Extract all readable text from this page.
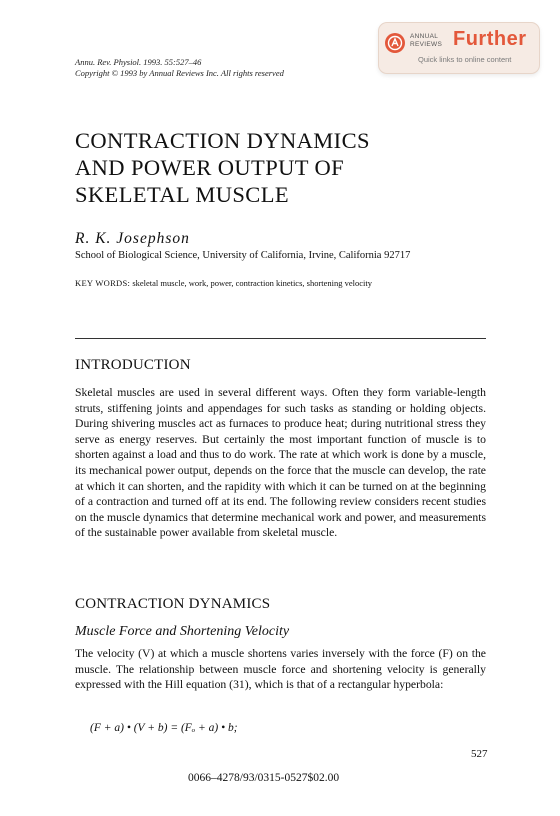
Annu. Rev. Physiol. 1993. 55:527–46
Copyright © 1993 by Annual Reviews Inc. All rights reserved
ANNUAL
REVIEWS Further
Quick links to online content
CONTRACTION DYNAMICS
AND POWER OUTPUT OF
SKELETAL MUSCLE
R. K. Josephson
School of Biological Science, University of California, Irvine, California 92717
KEY WORDS: skeletal muscle, work, power, contraction kinetics, shortening velocity
INTRODUCTION

Skeletal muscles are used in several different ways. Often they form variable-length struts, stiffening joints and appendages for such tasks as standing or holding objects. During shivering muscles act as furnaces to produce heat; during nutritional stress they serve as energy reserves. But certainly the most important function of muscle is to shorten against a load and thus to do work. The rate at which work is done by a muscle, its mechanical power output, depends on the force that the muscle can develop, the rate at which it can shorten, and the rapidity with which it can be turned on at the beginning of a contraction and turned off at its end. The following review considers recent studies on the muscle dynamics that determine mechanical work and power, and measurements of the sustainable power available from skeletal muscle.

CONTRACTION DYNAMICS
Muscle Force and Shortening Velocity

The velocity (V) at which a muscle shortens varies inversely with the force (F) on the muscle. The relationship between muscle force and shortening velocity is generally expressed with the Hill equation (31), which is that of a rectangular hyperbola:

(F + a) • (V + b) = (Fₒ + a) • b;
527
0066–4278/93/0315-0527$02.00
